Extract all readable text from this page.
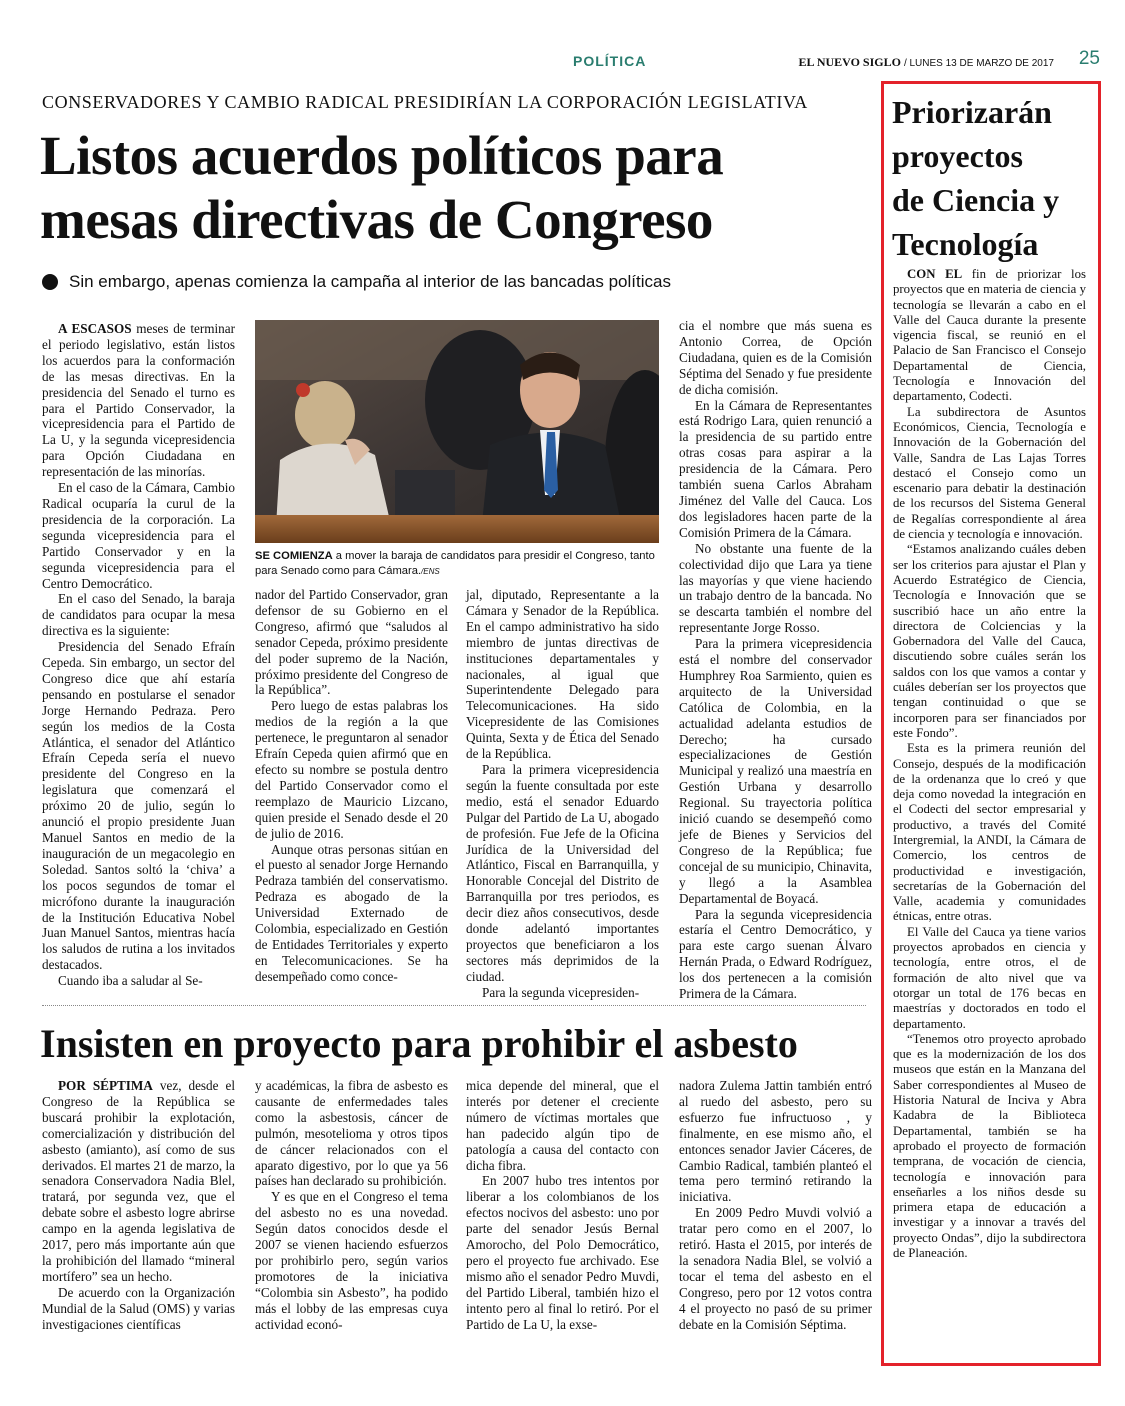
POLÍTICA	EL NUEVO SIGLO / LUNES 13 DE MARZO DE 2017 25
CONSERVADORES Y CAMBIO RADICAL PRESIDIRÍAN LA CORPORACIÓN LEGISLATIVA
Listos acuerdos políticos para
mesas directivas de Congreso
Sin embargo, apenas comienza la campaña al interior de las bancadas políticas

A ESCASOS meses de terminar el periodo legislativo, están listos los acuerdos para la conformación de las mesas directivas. En la presidencia del Senado el turno es para el Partido Conservador, la vicepresidencia para el Partido de La U, y la segunda vicepresidencia para Opción Ciudadana en representación de las minorías.

En el caso de la Cámara, Cambio Radical ocuparía la curul de la presidencia de la corporación. La segunda vicepresidencia para el Partido Conservador y en la segunda vicepresidencia para el Centro Democrático.

En el caso del Senado, la baraja de candidatos para ocupar la mesa directiva es la siguiente:

Presidencia del Senado Efraín Cepeda. Sin embargo, un sector del Congreso dice que ahí estaría pensando en postularse el senador Jorge Hernando Pedraza. Pero según los medios de la Costa Atlántica, el senador del Atlántico Efraín Cepeda sería el nuevo presidente del Congreso en la legislatura que comenzará el próximo 20 de julio, según lo anunció el propio presidente Juan Manuel Santos en medio de la inauguración de un megacolegio en Soledad. Santos soltó la ‘chiva’ a los pocos segundos de tomar el micrófono durante la inauguración de la Institución Educativa Nobel Juan Manuel Santos, mientras hacía los saludos de rutina a los invitados destacados.

Cuando iba a saludar al Se-

SE COMIENZA a mover la baraja de candidatos para presidir el Congreso, tanto para Senado como para Cámara./ENS

nador del Partido Conservador, gran defensor de su Gobierno en el Congreso, afirmó que “saludos al senador Cepeda, próximo presidente del poder supremo de la Nación, próximo presidente del Congreso de la República”.

Pero luego de estas palabras los medios de la región a la que pertenece, le preguntaron al senador Efraín Cepeda quien afirmó que en efecto su nombre se postula dentro del Partido Conservador como el reemplazo de Mauricio Lizcano, quien preside el Senado desde el 20 de julio de 2016.

Aunque otras personas sitúan en el puesto al senador Jorge Hernando Pedraza también del conservatismo. Pedraza es abogado de la Universidad Externado de Colombia, especializado en Gestión de Entidades Territoriales y experto en Telecomunicaciones. Se ha desempeñado como conce-

jal, diputado, Representante a la Cámara y Senador de la República. En el campo administrativo ha sido miembro de juntas directivas de instituciones departamentales y nacionales, al igual que Superintendente Delegado para Telecomunicaciones. Ha sido Vicepresidente de las Comisiones Quinta, Sexta y de Ética del Senado de la República.

Para la primera vicepresidencia según la fuente consultada por este medio, está el senador Eduardo Pulgar del Partido de La U, abogado de profesión. Fue Jefe de la Oficina Jurídica de la Universidad del Atlántico, Fiscal en Barranquilla, y Honorable Concejal del Distrito de Barranquilla por tres periodos, es decir diez años consecutivos, desde donde adelantó importantes proyectos que beneficiaron a los sectores más deprimidos de la ciudad.

Para la segunda vicepresiden-

cia el nombre que más suena es Antonio Correa, de Opción Ciudadana, quien es de la Comisión Séptima del Senado y fue presidente de dicha comisión.

En la Cámara de Representantes está Rodrigo Lara, quien renunció a la presidencia de su partido entre otras cosas para aspirar a la presidencia de la Cámara. Pero también suena Carlos Abraham Jiménez del Valle del Cauca. Los dos legisladores hacen parte de la Comisión Primera de la Cámara.

No obstante una fuente de la colectividad dijo que Lara ya tiene las mayorías y que viene haciendo un trabajo dentro de la bancada. No se descarta también el nombre del representante Jorge Rosso.

Para la primera vicepresidencia está el nombre del conservador Humphrey Roa Sarmiento, quien es arquitecto de la Universidad Católica de Colombia, en la actualidad adelanta estudios de Derecho; ha cursado especializaciones de Gestión Municipal y realizó una maestría en Gestión Urbana y desarrollo Regional. Su trayectoria política inició cuando se desempeñó como jefe de Bienes y Servicios del Congreso de la República; fue concejal de su municipio, Chinavita, y llegó a la Asamblea Departamental de Boyacá.

Para la segunda vicepresidencia estaría el Centro Democrático, y para este cargo suenan Álvaro Hernán Prada, o Edward Rodríguez, los dos pertenecen a la comisión Primera de la Cámara.

Insisten en proyecto para prohibir el asbesto

POR SÉPTIMA vez, desde el Congreso de la República se buscará prohibir la explotación, comercialización y distribución del asbesto (amianto), así como de sus derivados. El martes 21 de marzo, la senadora Conservadora Nadia Blel, tratará, por segunda vez, que el debate sobre el asbesto logre abrirse campo en la agenda legislativa de 2017, pero más importante aún que la prohibición del llamado “mineral mortífero” sea un hecho.

De acuerdo con la Organización Mundial de la Salud (OMS) y varias investigaciones científicas

y académicas, la fibra de asbesto es causante de enfermedades tales como la asbestosis, cáncer de pulmón, mesotelioma y otros tipos de cáncer relacionados con el aparato digestivo, por lo que ya 56 países han declarado su prohibición.

Y es que en el Congreso el tema del asbesto no es una novedad. Según datos conocidos desde el 2007 se vienen haciendo esfuerzos por prohibirlo pero, según varios promotores de la iniciativa “Colombia sin Asbesto”, ha podido más el lobby de las empresas cuya actividad econó-

mica depende del mineral, que el interés por detener el creciente número de víctimas mortales que han padecido algún tipo de patología a causa del contacto con dicha fibra.

En 2007 hubo tres intentos por liberar a los colombianos de los efectos nocivos del asbesto: uno por parte del senador Jesús Bernal Amorocho, del Polo Democrático, pero el proyecto fue archivado. Ese mismo año el senador Pedro Muvdi, del Partido Liberal, también hizo el intento pero al final lo retiró. Por el Partido de La U, la exse-

nadora Zulema Jattin también entró al ruedo del asbesto, pero su esfuerzo fue infructuoso , y finalmente, en ese mismo año, el entonces senador Javier Cáceres, de Cambio Radical, también planteó el tema pero terminó retirando la iniciativa.

En 2009 Pedro Muvdi volvió a tratar pero como en el 2007, lo retiró. Hasta el 2015, por interés de la senadora Nadia Blel, se volvió a tocar el tema del asbesto en el Congreso, pero por 12 votos contra 4 el proyecto no pasó de su primer debate en la Comisión Séptima.

Priorizarán
proyectos
de Ciencia y
Tecnología

CON EL fin de priorizar los proyectos que en materia de ciencia y tecnología se llevarán a cabo en el Valle del Cauca durante la presente vigencia fiscal, se reunió en el Palacio de San Francisco el Consejo Departamental de Ciencia, Tecnología e Innovación del departamento, Codecti.

La subdirectora de Asuntos Económicos, Ciencia, Tecnología e Innovación de la Gobernación del Valle, Sandra de Las Lajas Torres destacó el Consejo como un escenario para debatir la destinación de los recursos del Sistema General de Regalías correspondiente al área de ciencia y tecnología e innovación.

“Estamos analizando cuáles deben ser los criterios para ajustar el Plan y Acuerdo Estratégico de Ciencia, Tecnología e Innovación que se suscribió hace un año entre la directora de Colciencias y la Gobernadora del Valle del Cauca, discutiendo sobre cuáles serán los saldos con los que vamos a contar y cuáles deberían ser los proyectos que tengan continuidad o que se incorporen para ser financiados por este Fondo”.

Esta es la primera reunión del Consejo, después de la modificación de la ordenanza que lo creó y que deja como novedad la integración en el Codecti del sector empresarial y productivo, a través del Comité Intergremial, la ANDI, la Cámara de Comercio, los centros de productividad e investigación, secretarías de la Gobernación del Valle, academia y comunidades étnicas, entre otras.

El Valle del Cauca ya tiene varios proyectos aprobados en ciencia y tecnología, entre otros, el de formación de alto nivel que va otorgar un total de 176 becas en maestrías y doctorados en todo el departamento.

“Tenemos otro proyecto aprobado que es la modernización de los dos museos que están en la Manzana del Saber correspondientes al Museo de Historia Natural de Inciva y Abra Kadabra de la Biblioteca Departamental, también se ha aprobado el proyecto de formación temprana, de vocación de ciencia, tecnología e innovación para enseñarles a los niños desde su primera etapa de educación a investigar y a innovar a través del proyecto Ondas”, dijo la subdirectora de Planeación.
